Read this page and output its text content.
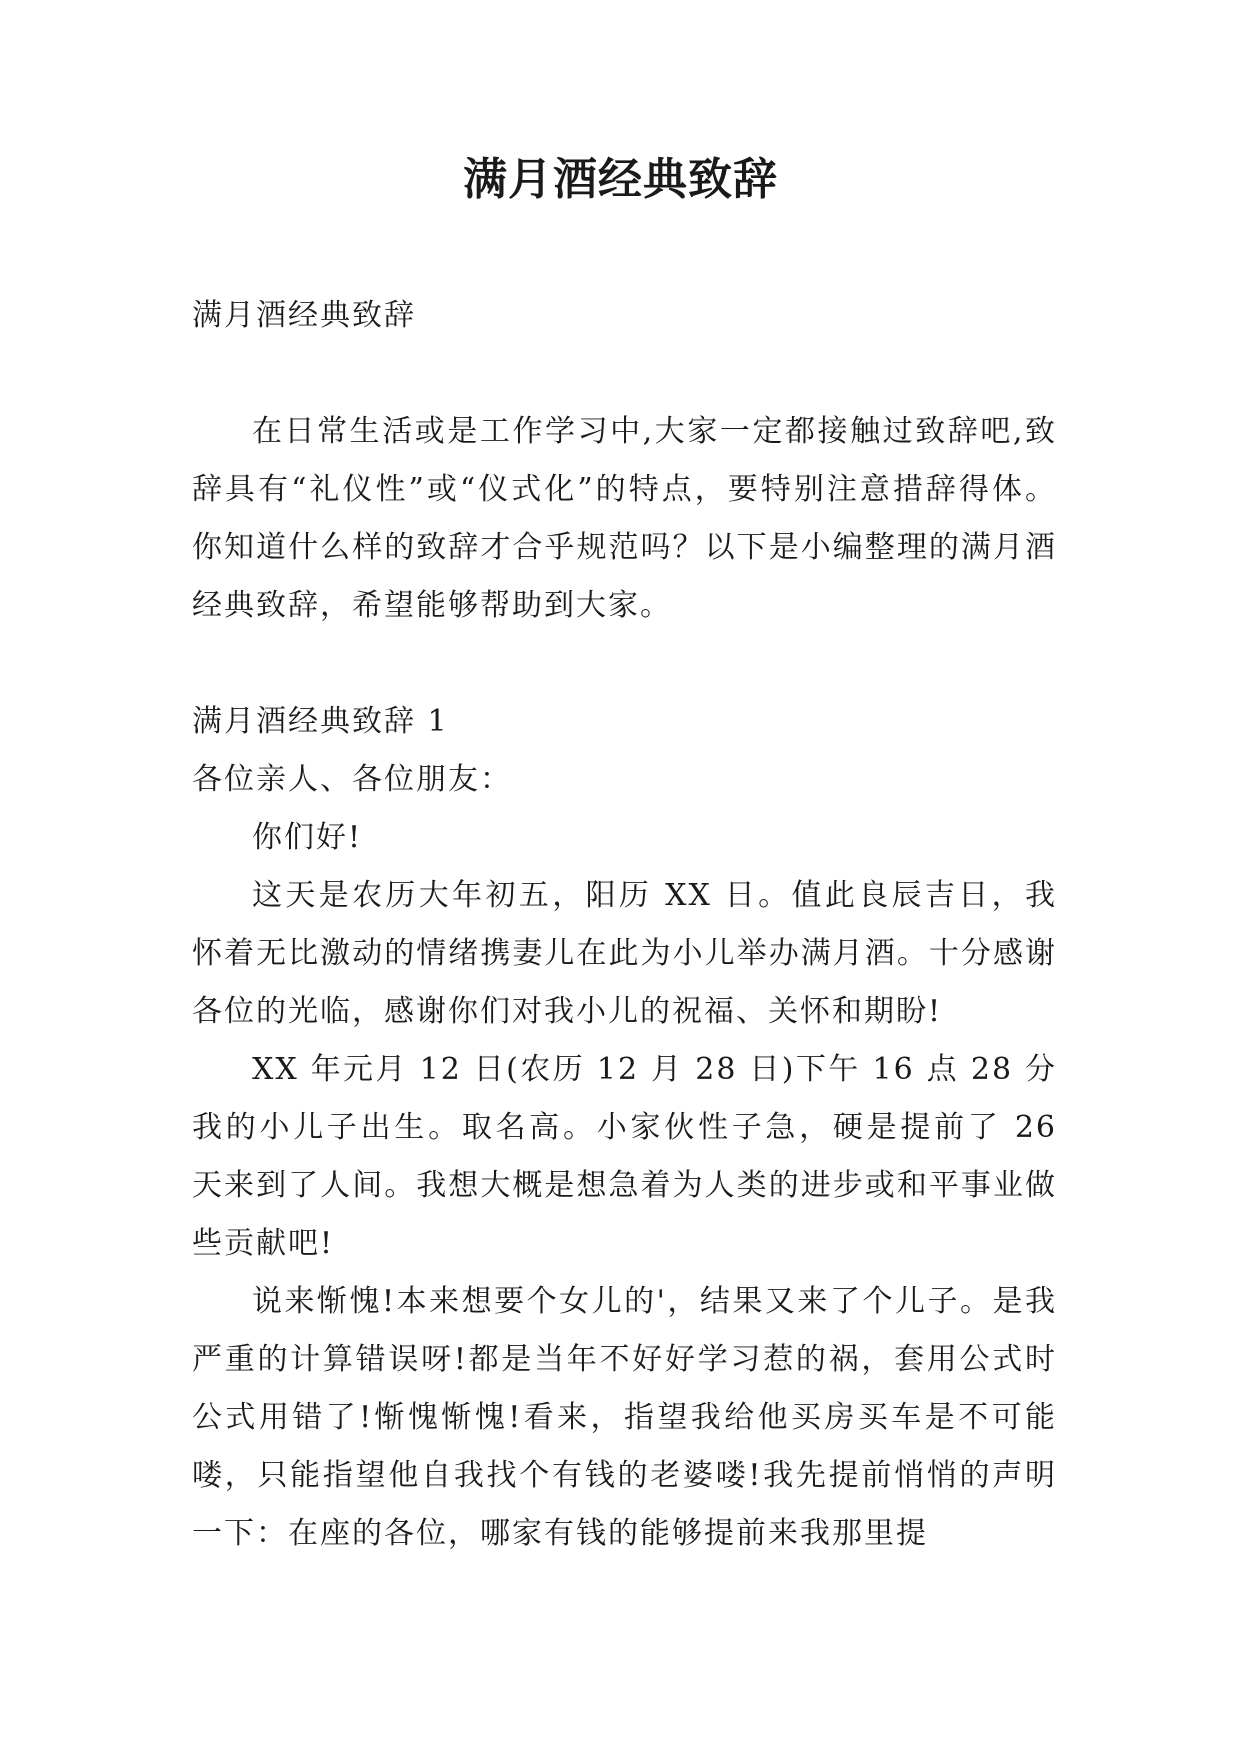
满月酒经典致辞

满月酒经典致辞

在日常生活或是工作学习中,大家一定都接触过致辞吧,致辞具有“礼仪性”或“仪式化”的特点，要特别注意措辞得体。你知道什么样的致辞才合乎规范吗？以下是小编整理的满月酒经典致辞，希望能够帮助到大家。

满月酒经典致辞 1

各位亲人、各位朋友：

你们好!

这天是农历大年初五，阳历 XX 日。值此良辰吉日，我怀着无比激动的情绪携妻儿在此为小儿举办满月酒。十分感谢各位的光临，感谢你们对我小儿的祝福、关怀和期盼!

XX 年元月 12 日(农历 12 月 28 日)下午 16 点 28 分我的小儿子出生。取名高。小家伙性子急，硬是提前了 26 天来到了人间。我想大概是想急着为人类的进步或和平事业做些贡献吧!

说来惭愧!本来想要个女儿的'，结果又来了个儿子。是我严重的计算错误呀!都是当年不好好学习惹的祸，套用公式时公式用错了!惭愧惭愧!看来，指望我给他买房买车是不可能喽，只能指望他自我找个有钱的老婆喽!我先提前悄悄的声明一下：在座的各位，哪家有钱的能够提前来我那里提
